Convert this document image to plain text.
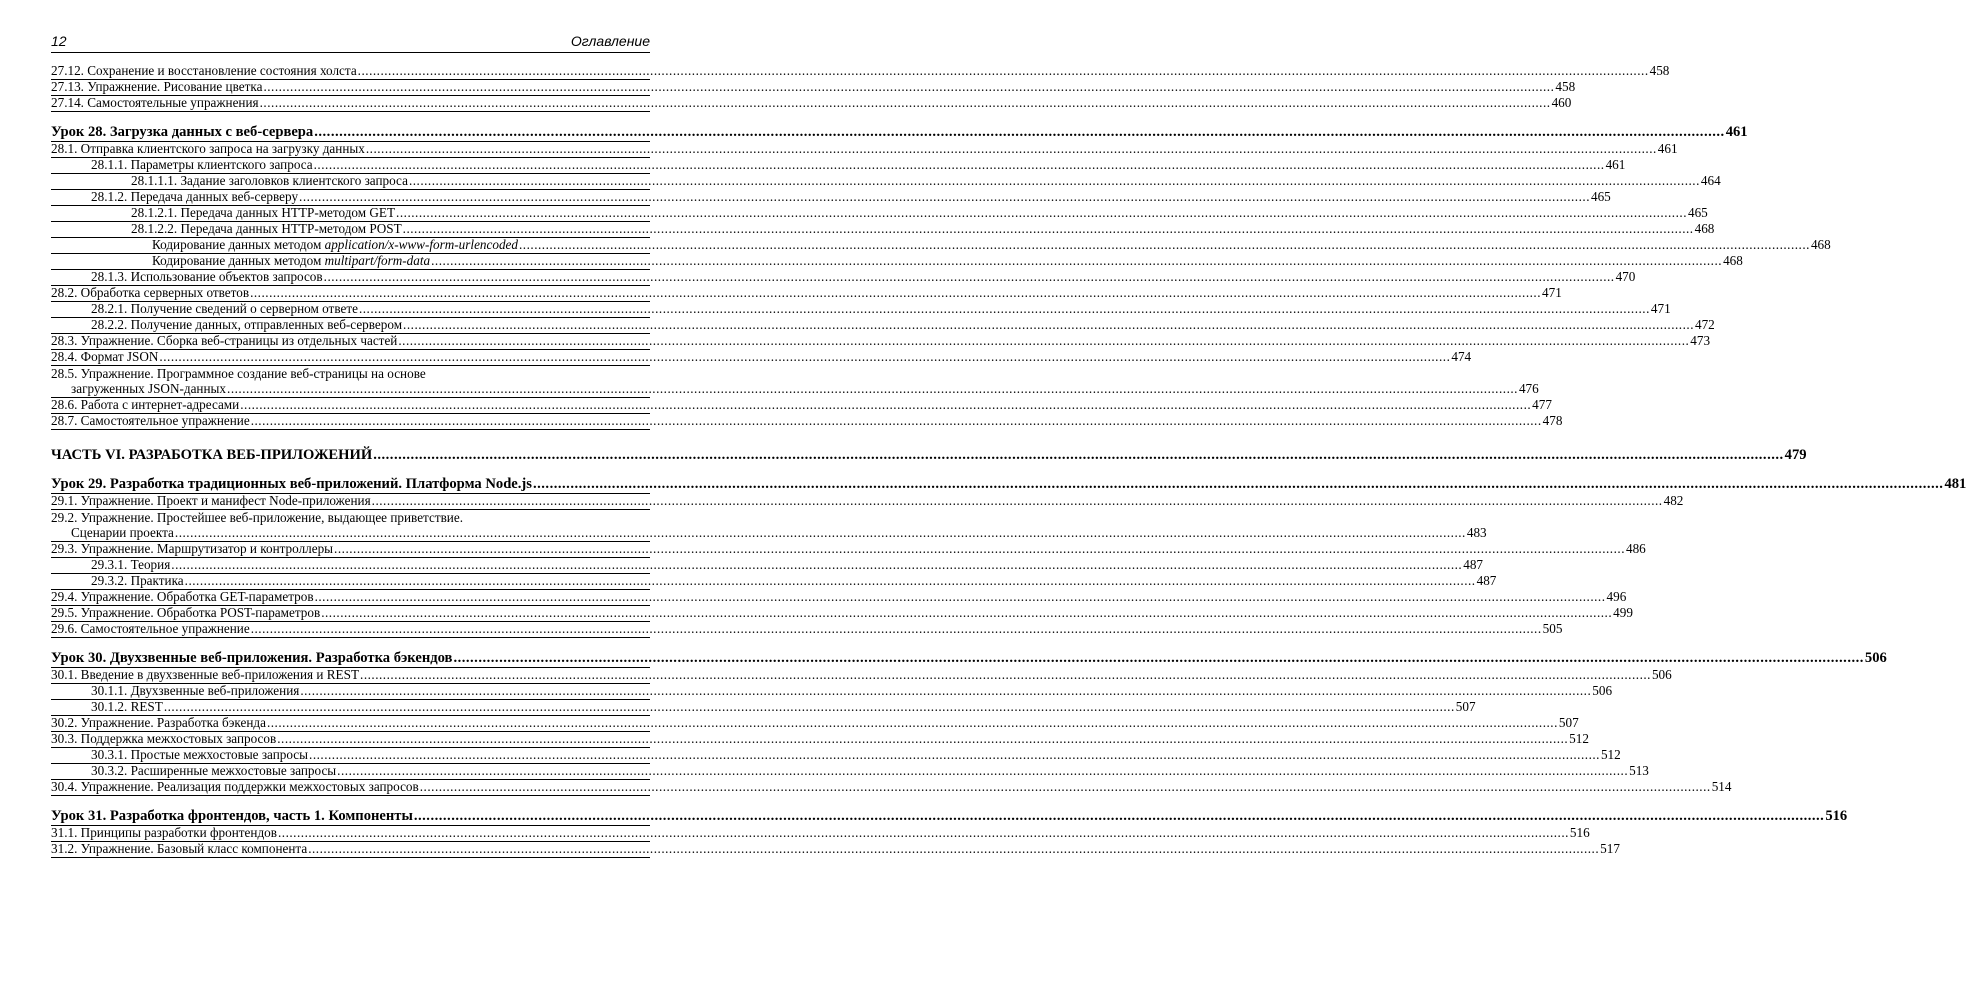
12	Оглавление
27.12. Сохранение и восстановление состояния холста .....	458
27.13. Упражнение. Рисование цветка .....	458
27.14. Самостоятельные упражнения .....	460
Урок 28. Загрузка данных с веб-сервера .....	461
28.1. Отправка клиентского запроса на загрузку данных .....	461
28.1.1. Параметры клиентского запроса .....	461
28.1.1.1. Задание заголовков клиентского запроса .....	464
28.1.2. Передача данных веб-серверу .....	465
28.1.2.1. Передача данных HTTP-методом GET .....	465
28.1.2.2. Передача данных HTTP-методом POST .....	468
Кодирование данных методом application/x-www-form-urlencoded .....	468
Кодирование данных методом multipart/form-data .....	468
28.1.3. Использование объектов запросов .....	470
28.2. Обработка серверных ответов .....	471
28.2.1. Получение сведений о серверном ответе .....	471
28.2.2. Получение данных, отправленных веб-сервером .....	472
28.3. Упражнение. Сборка веб-страницы из отдельных частей .....	473
28.4. Формат JSON .....	474
28.5. Упражнение. Программное создание веб-страницы на основе
загруженных JSON-данных .....	476
28.6. Работа с интернет-адресами .....	477
28.7. Самостоятельное упражнение .....	478
ЧАСТЬ VI. РАЗРАБОТКА ВЕБ-ПРИЛОЖЕНИЙ .....	479
Урок 29. Разработка традиционных веб-приложений. Платформа Node.js .....	481
29.1. Упражнение. Проект и манифест Node-приложения .....	482
29.2. Упражнение. Простейшее веб-приложение, выдающее приветствие.
Сценарии проекта .....	483
29.3. Упражнение. Маршрутизатор и контроллеры .....	486
29.3.1. Теория .....	487
29.3.2. Практика .....	487
29.4. Упражнение. Обработка GET-параметров .....	496
29.5. Упражнение. Обработка POST-параметров .....	499
29.6. Самостоятельное упражнение .....	505
Урок 30. Двухзвенные веб-приложения. Разработка бэкендов .....	506
30.1. Введение в двухзвенные веб-приложения и REST .....	506
30.1.1. Двухзвенные веб-приложения .....	506
30.1.2. REST .....	507
30.2. Упражнение. Разработка бэкенда .....	507
30.3. Поддержка межхостовых запросов .....	512
30.3.1. Простые межхостовые запросы .....	512
30.3.2. Расширенные межхостовые запросы .....	513
30.4. Упражнение. Реализация поддержки межхостовых запросов .....	514
Урок 31. Разработка фронтендов, часть 1. Компоненты .....	516
31.1. Принципы разработки фронтендов .....	516
31.2. Упражнение. Базовый класс компонента .....	517
